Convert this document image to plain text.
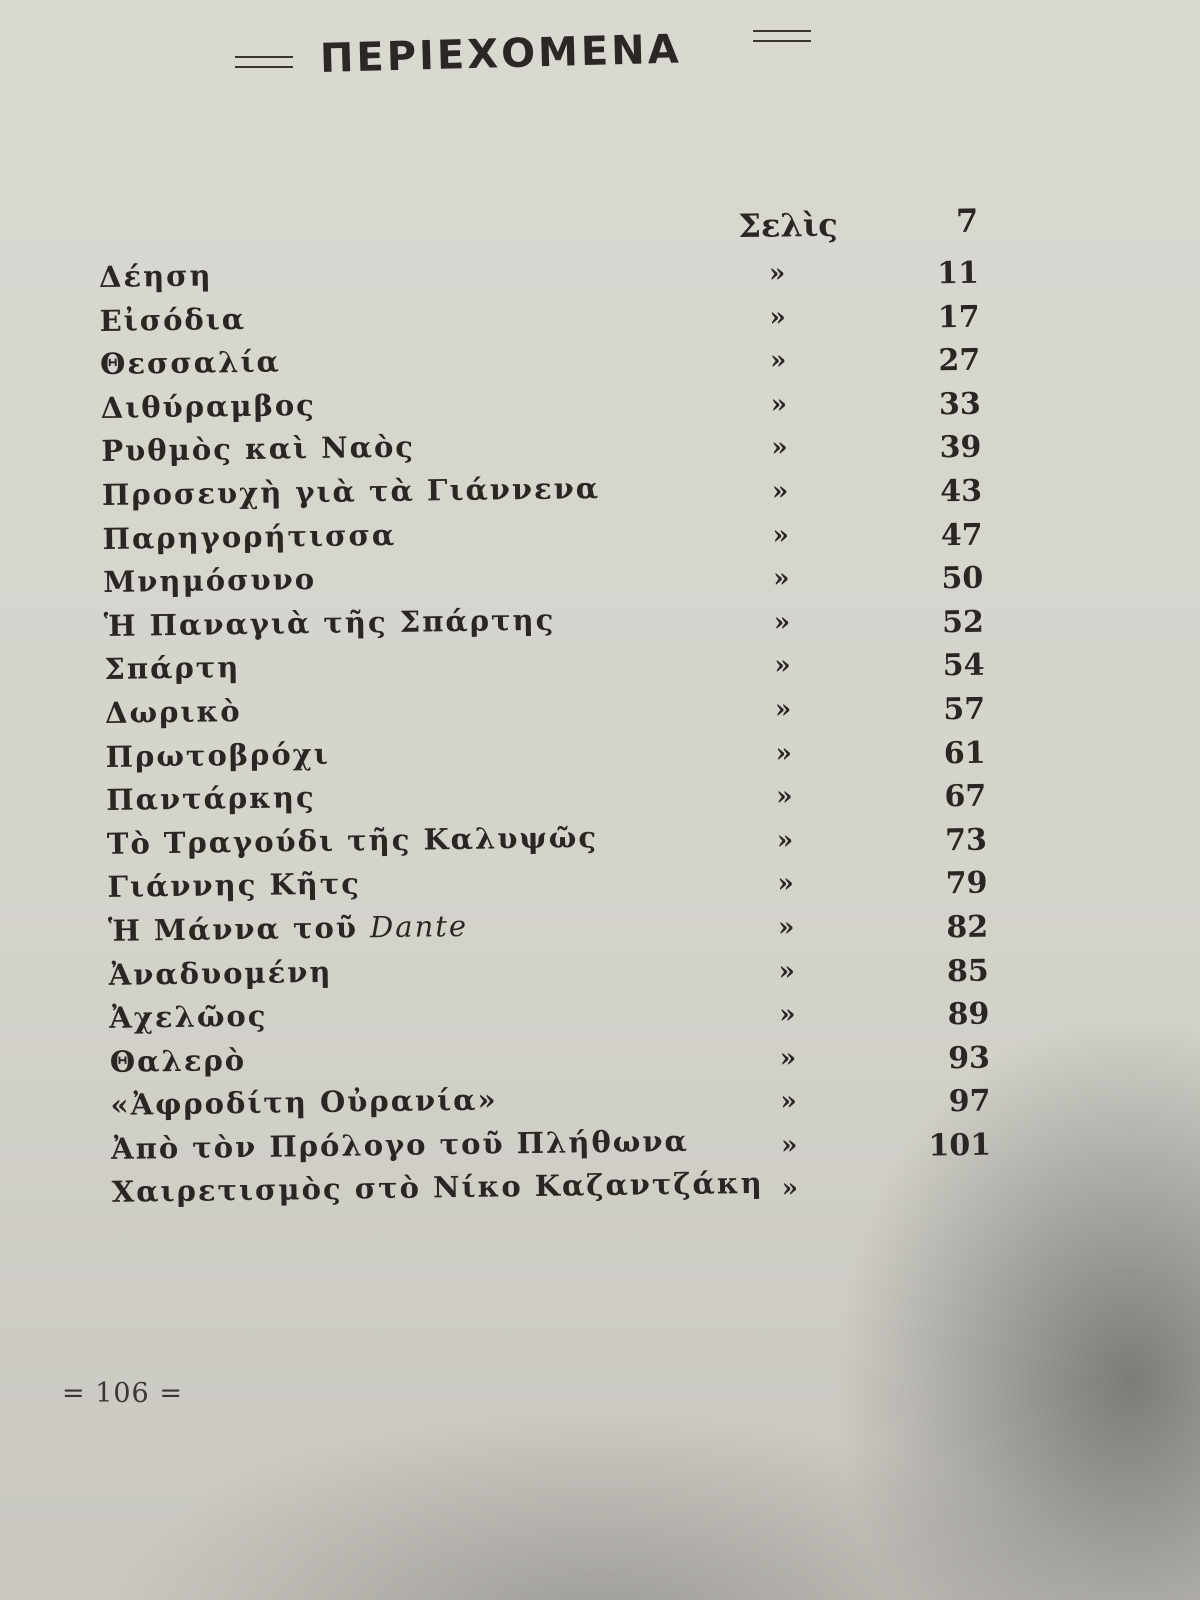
ΠΕΡΙΕΧΟΜΕΝΑ
Σελὶς	7
Δέηση	»	11
Εἰσόδια	»	17
Θεσσαλία	»	27
Διθύραμβος	»	33
Ρυθμὸς καὶ Ναὸς	»	39
Προσευχὴ γιὰ τὰ Γιάννενα	»	43
Παρηγορήτισσα	»	47
Μνημόσυνο	»	50
Ἡ Παναγιὰ τῆς Σπάρτης	»	52
Σπάρτη	»	54
Δωρικὸ	»	57
Πρωτοβρόχι	»	61
Παντάρκης	»	67
Τὸ Τραγούδι τῆς Καλυψῶς	»	73
Γιάννης Κῆτς	»	79
Ἡ Μάννα τοῦ Dante	»	82
Ἀναδυομένη	»	85
Ἀχελῶος	»	89
Θαλερὸ	»	93
«Ἀφροδίτη Οὐρανία»	»	97
Ἀπὸ τὸν Πρόλογο τοῦ Πλήθωνα	»	101
Χαιρετισμὸς στὸ Νίκο Καζαντζάκη »
= 106 =
